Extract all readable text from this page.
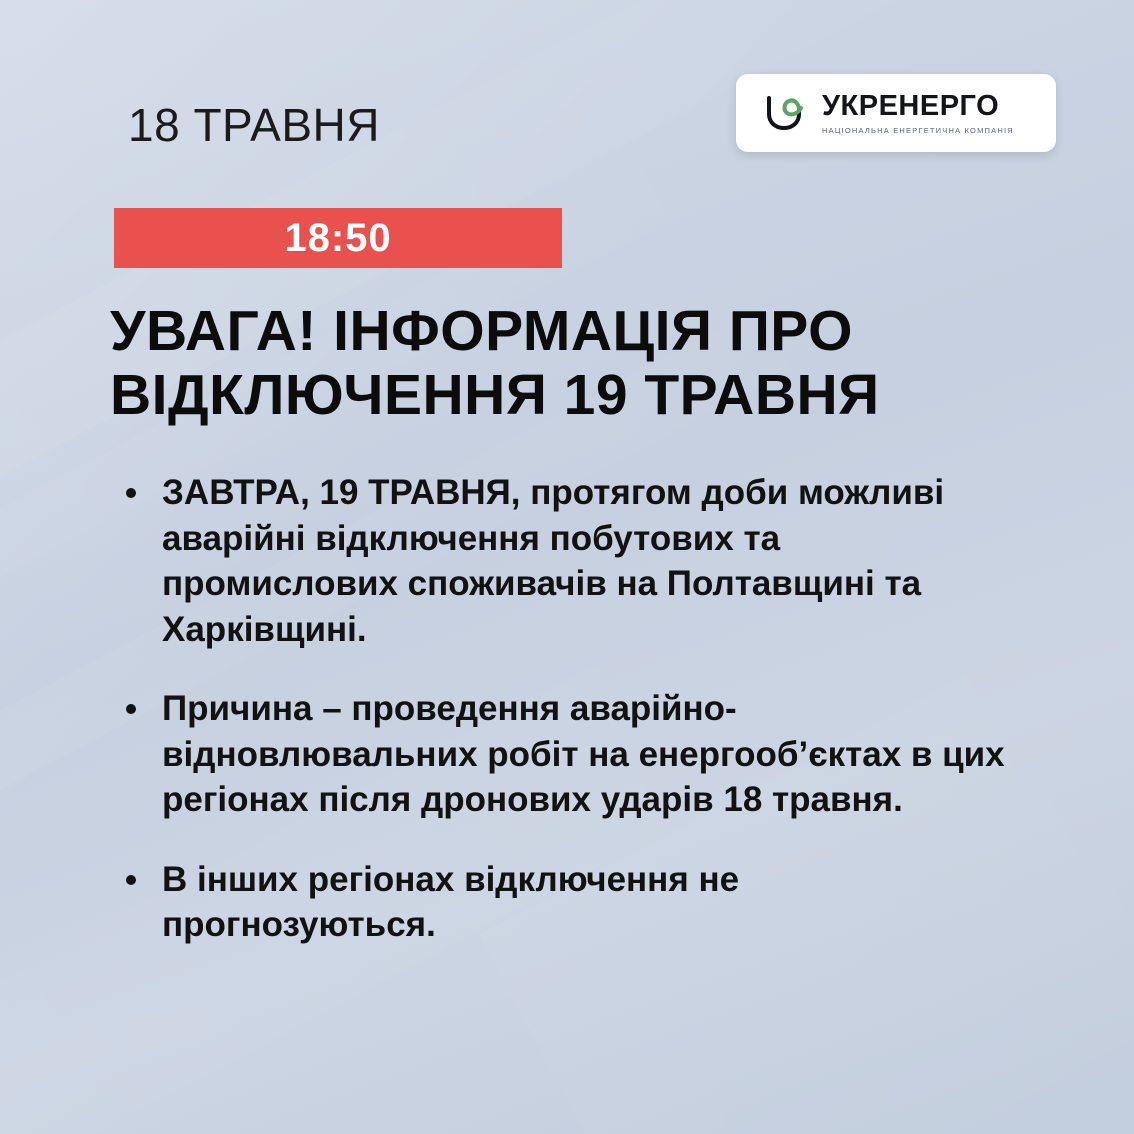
18 ТРАВНЯ	УКРЕНЕРГО
НАЦІОНАЛЬНА ЕНЕРГЕТИЧНА КОМПАНІЯ
18:50
УВАГА! ІНФОРМАЦІЯ ПРО ВІДКЛЮЧЕННЯ 19 ТРАВНЯ
ЗАВТРА, 19 ТРАВНЯ, протягом доби можливі аварійні відключення побутових та промислових споживачів на Полтавщині та Харківщині.
Причина – проведення аварійно-відновлювальних робіт на енергооб’єктах в цих регіонах після дронових ударів 18 травня.
В інших регіонах відключення не прогнозуються.
